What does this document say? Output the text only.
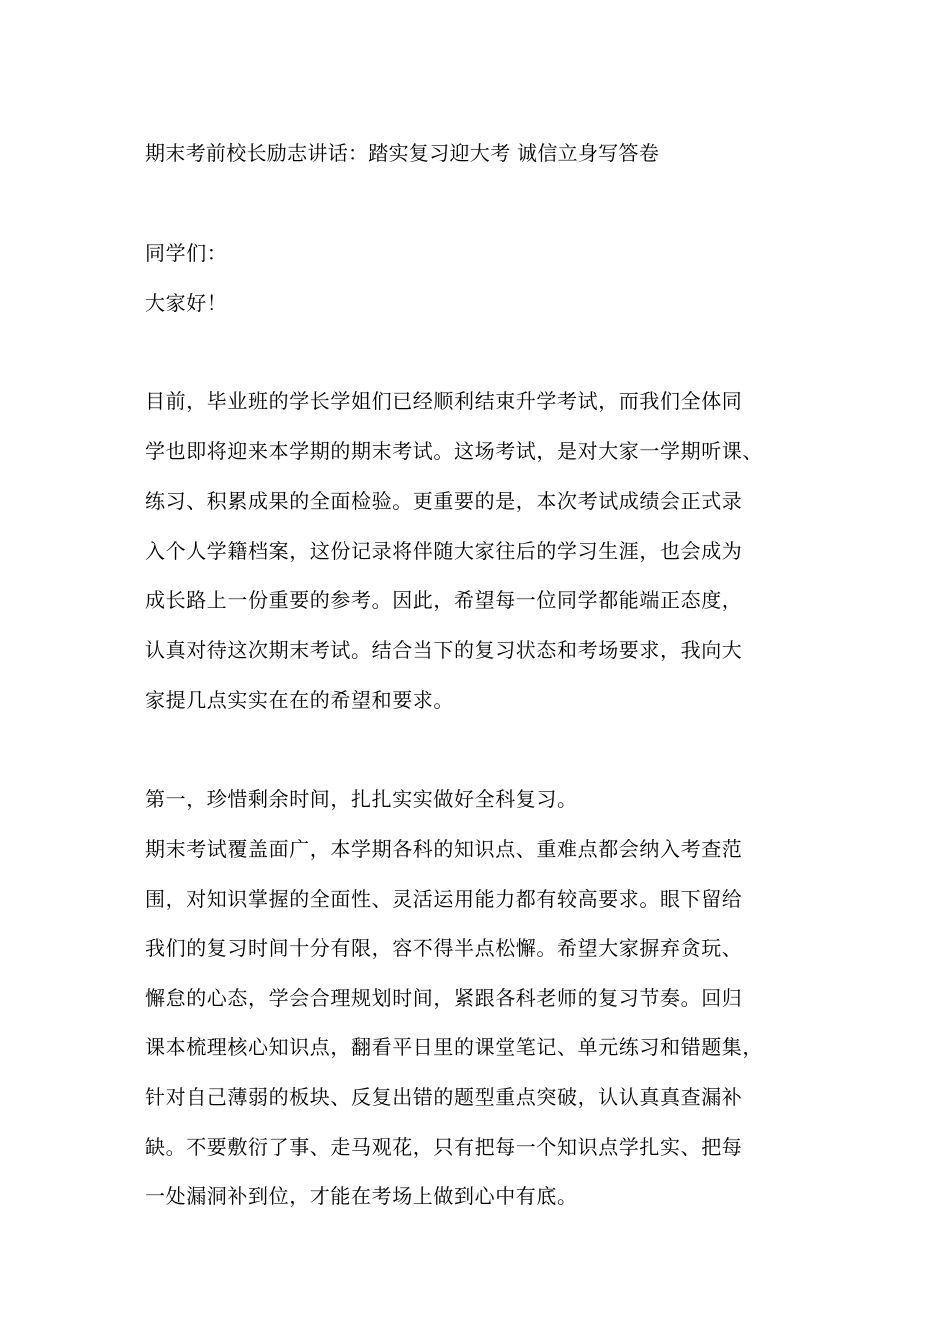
期末考前校长励志讲话：踏实复习迎大考 诚信立身写答卷
同学们：
大家好！
目前，毕业班的学长学姐们已经顺利结束升学考试，而我们全体同
学也即将迎来本学期的期末考试。这场考试，是对大家一学期听课、
练习、积累成果的全面检验。更重要的是，本次考试成绩会正式录
入个人学籍档案，这份记录将伴随大家往后的学习生涯，也会成为
成长路上一份重要的参考。因此，希望每一位同学都能端正态度，
认真对待这次期末考试。结合当下的复习状态和考场要求，我向大
家提几点实实在在的希望和要求。
第一，珍惜剩余时间，扎扎实实做好全科复习。
期末考试覆盖面广，本学期各科的知识点、重难点都会纳入考查范
围，对知识掌握的全面性、灵活运用能力都有较高要求。眼下留给
我们的复习时间十分有限，容不得半点松懈。希望大家摒弃贪玩、
懈怠的心态，学会合理规划时间，紧跟各科老师的复习节奏。回归
课本梳理核心知识点，翻看平日里的课堂笔记、单元练习和错题集，
针对自己薄弱的板块、反复出错的题型重点突破，认认真真查漏补
缺。不要敷衍了事、走马观花，只有把每一个知识点学扎实、把每
一处漏洞补到位，才能在考场上做到心中有底。
